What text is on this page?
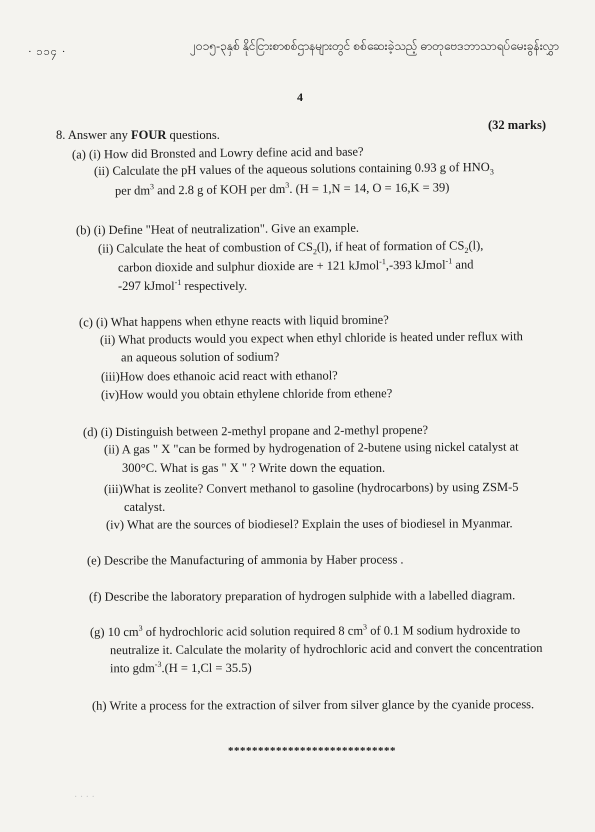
· ၁၁၄ ·	၂၀၁၅-၃နှစ် နိုင်ငြားစာစစ်ဌာနများတွင် စစ်ဆေးခဲ့သည့် ဓာတုဗေဒဘာသာရပ်မေးခွန်းလွှာ
4
(32 marks)
8. Answer any FOUR questions.
(a) (i) How did Bronsted and Lowry define acid and base?
(ii) Calculate the pH values of the aqueous solutions containing 0.93 g of $HNO_3$
per $dm^3$ and 2.8 g of KOH per $dm^3$. (H = 1,N = 14, O = 16,K = 39)
(b) (i) Define "Heat of neutralization". Give an example.
(ii) Calculate the heat of combustion of $CS_2(l)$, if heat of formation of $CS_2(l)$,
carbon dioxide and sulphur dioxide are + 121 kJmol$^{-1}$,-393 kJmol$^{-1}$ and
-297 kJmol$^{-1}$ respectively.
(c) (i) What happens when ethyne reacts with liquid bromine?
(ii) What products would you expect when ethyl chloride is heated under reflux with
an aqueous solution of sodium?
(iii)How does ethanoic acid react with ethanol?
(iv)How would you obtain ethylene chloride from ethene?
(d) (i) Distinguish between 2-methyl propane and 2-methyl propene?
(ii) A gas " X "can be formed by hydrogenation of 2-butene using nickel catalyst at
300°C. What is gas " X " ? Write down the equation.
(iii)What is zeolite? Convert methanol to gasoline (hydrocarbons) by using ZSM-5
catalyst.
(iv) What are the sources of biodiesel? Explain the uses of biodiesel in Myanmar.
(e) Describe the Manufacturing of ammonia by Haber process .
(f) Describe the laboratory preparation of hydrogen sulphide with a labelled diagram.
(g) 10 $cm^3$ of hydrochloric acid solution required 8 $cm^3$ of 0.1 M sodium hydroxide to
neutralize it. Calculate the molarity of hydrochloric acid and convert the concentration
into gdm$^{-3}$.(H = 1,Cl = 35.5)
(h) Write a process for the extraction of silver from silver glance by the cyanide process.
****************************
· · · ·
